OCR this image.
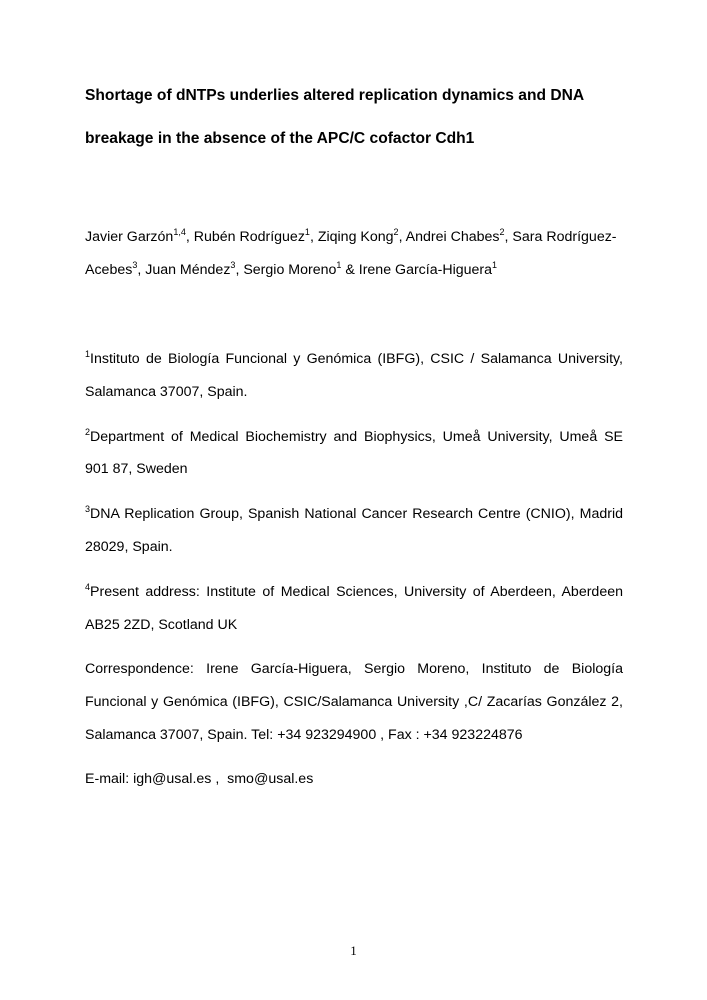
Shortage of dNTPs underlies altered replication dynamics and DNA
breakage in the absence of the APC/C cofactor Cdh1
Javier Garzón$^{1,4}$, Rubén Rodríguez$^1$, Ziqing Kong$^2$, Andrei Chabes$^2$, Sara Rodríguez-
Acebes$^3$, Juan Méndez$^3$, Sergio Moreno$^1$ & Irene García-Higuera$^1$
$^1$Instituto de Biología Funcional y Genómica (IBFG), CSIC / Salamanca University,
Salamanca 37007, Spain.
$^2$Department of Medical Biochemistry and Biophysics, Umeå University, Umeå SE
901 87, Sweden
$^3$DNA Replication Group, Spanish National Cancer Research Centre (CNIO), Madrid
28029, Spain.
$^4$Present address: Institute of Medical Sciences, University of Aberdeen, Aberdeen
AB25 2ZD, Scotland UK
Correspondence: Irene García-Higuera, Sergio Moreno, Instituto de Biología
Funcional y Genómica (IBFG), CSIC/Salamanca University ,C/ Zacarías González 2,
Salamanca 37007, Spain. Tel: +34 923294900 , Fax : +34 923224876
E-mail: igh@usal.es ,  smo@usal.es
1
